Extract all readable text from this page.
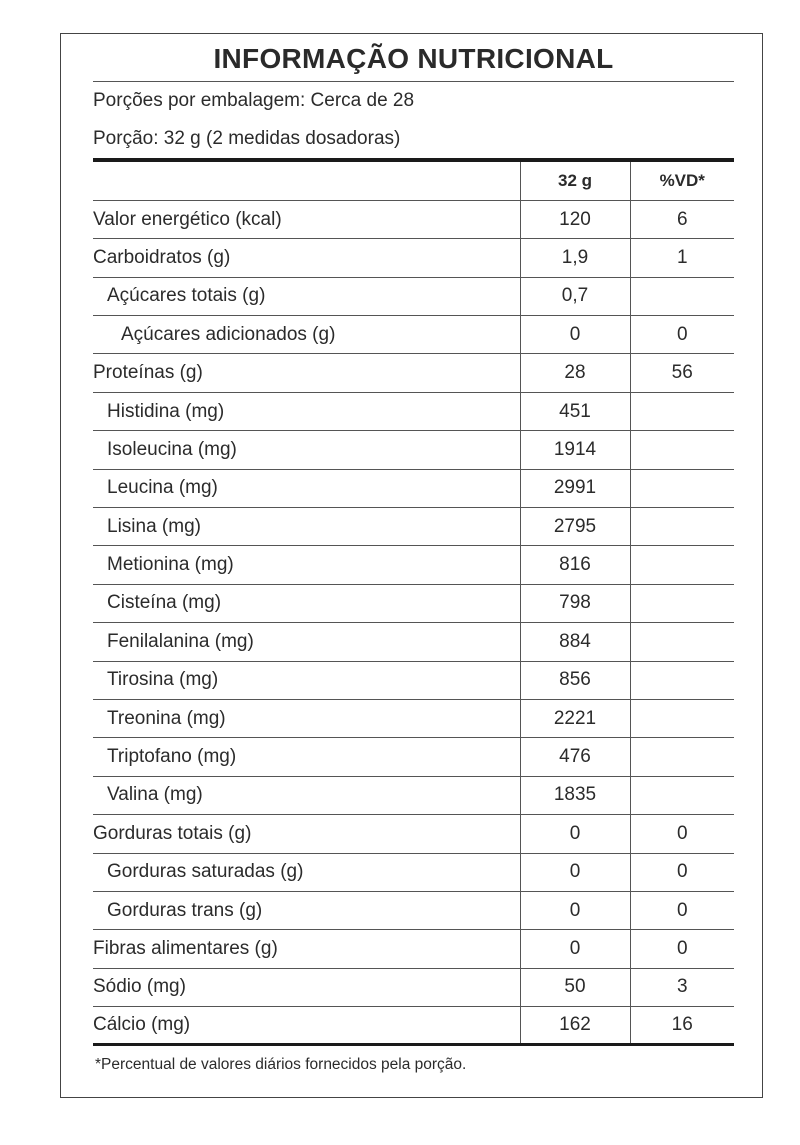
INFORMAÇÃO NUTRICIONAL
Porções por embalagem: Cerca de 28
Porção: 32 g (2 medidas dosadoras)
	32 g	%VD*
Valor energético (kcal)	120	6
Carboidratos (g)	1,9	1
Açúcares totais (g)	0,7	
Açúcares adicionados (g)	0	0
Proteínas (g)	28	56
Histidina (mg)	451	
Isoleucina (mg)	1914	
Leucina (mg)	2991	
Lisina (mg)	2795	
Metionina (mg)	816	
Cisteína (mg)	798	
Fenilalanina (mg)	884	
Tirosina (mg)	856	
Treonina (mg)	2221	
Triptofano (mg)	476	
Valina (mg)	1835	
Gorduras totais (g)	0	0
Gorduras saturadas (g)	0	0
Gorduras trans (g)	0	0
Fibras alimentares (g)	0	0
Sódio (mg)	50	3
Cálcio (mg)	162	16
*Percentual de valores diários fornecidos pela porção.
